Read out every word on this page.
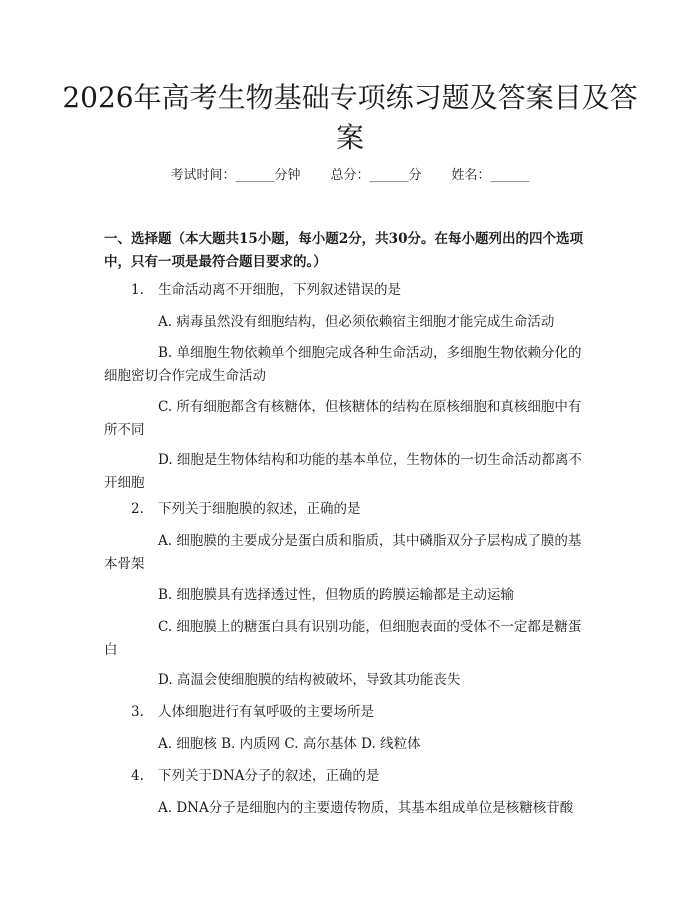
2026年高考生物基础专项练习题及答案目及答案
考试时间：______分钟 总分：______分 姓名：______
一、选择题（本大题共15小题，每小题2分，共30分。在每小题列出的四个选项中，只有一项是最符合题目要求的。）
1. 生命活动离不开细胞，下列叙述错误的是
A. 病毒虽然没有细胞结构，但必须依赖宿主细胞才能完成生命活动
B. 单细胞生物依赖单个细胞完成各种生命活动，多细胞生物依赖分化的细胞密切合作完成生命活动
C. 所有细胞都含有核糖体，但核糖体的结构在原核细胞和真核细胞中有所不同
D. 细胞是生物体结构和功能的基本单位，生物体的一切生命活动都离不开细胞
2. 下列关于细胞膜的叙述，正确的是
A. 细胞膜的主要成分是蛋白质和脂质，其中磷脂双分子层构成了膜的基本骨架
B. 细胞膜具有选择透过性，但物质的跨膜运输都是主动运输
C. 细胞膜上的糖蛋白具有识别功能，但细胞表面的受体不一定都是糖蛋白
D. 高温会使细胞膜的结构被破坏，导致其功能丧失
3. 人体细胞进行有氧呼吸的主要场所是
A. 细胞核 B. 内质网 C. 高尔基体 D. 线粒体
4. 下列关于DNA分子的叙述，正确的是
A. DNA分子是细胞内的主要遗传物质，其基本组成单位是核糖核苷酸
